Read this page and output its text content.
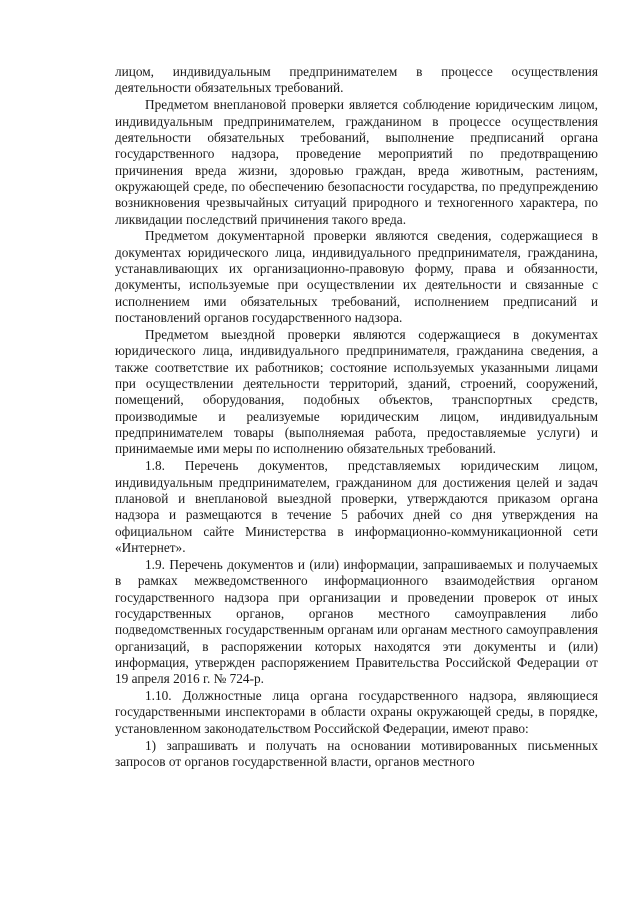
лицом, индивидуальным предпринимателем в процессе осуществления деятельности обязательных требований.

Предметом внеплановой проверки является соблюдение юридическим лицом, индивидуальным предпринимателем, гражданином в процессе осуществления деятельности обязательных требований, выполнение предписаний органа государственного надзора, проведение мероприятий по предотвращению причинения вреда жизни, здоровью граждан, вреда животным, растениям, окружающей среде, по обеспечению безопасности государства, по предупреждению возникновения чрезвычайных ситуаций природного и техногенного характера, по ликвидации последствий причинения такого вреда.

Предметом документарной проверки являются сведения, содержащиеся в документах юридического лица, индивидуального предпринимателя, гражданина, устанавливающих их организационно-правовую форму, права и обязанности, документы, используемые при осуществлении их деятельности и связанные с исполнением ими обязательных требований, исполнением предписаний и постановлений органов государственного надзора.

Предметом выездной проверки являются содержащиеся в документах юридического лица, индивидуального предпринимателя, гражданина сведения, а также соответствие их работников; состояние используемых указанными лицами при осуществлении деятельности территорий, зданий, строений, сооружений, помещений, оборудования, подобных объектов, транспортных средств, производимые и реализуемые юридическим лицом, индивидуальным предпринимателем товары (выполняемая работа, предоставляемые услуги) и принимаемые ими меры по исполнению обязательных требований.

1.8. Перечень документов, представляемых юридическим лицом, индивидуальным предпринимателем, гражданином для достижения целей и задач плановой и внеплановой выездной проверки, утверждаются приказом органа надзора и размещаются в течение 5 рабочих дней со дня утверждения на официальном сайте Министерства в информационно-коммуникационной сети «Интернет».

1.9. Перечень документов и (или) информации, запрашиваемых и получаемых в рамках межведомственного информационного взаимодействия органом государственного надзора при организации и проведении проверок от иных государственных органов, органов местного самоуправления либо подведомственных государственным органам или органам местного самоуправления организаций, в распоряжении которых находятся эти документы и (или) информация, утвержден распоряжением Правительства Российской Федерации от 19 апреля 2016 г. № 724-р.

1.10. Должностные лица органа государственного надзора, являющиеся государственными инспекторами в области охраны окружающей среды, в порядке, установленном законодательством Российской Федерации, имеют право:

1) запрашивать и получать на основании мотивированных письменных запросов от органов государственной власти, органов местного
